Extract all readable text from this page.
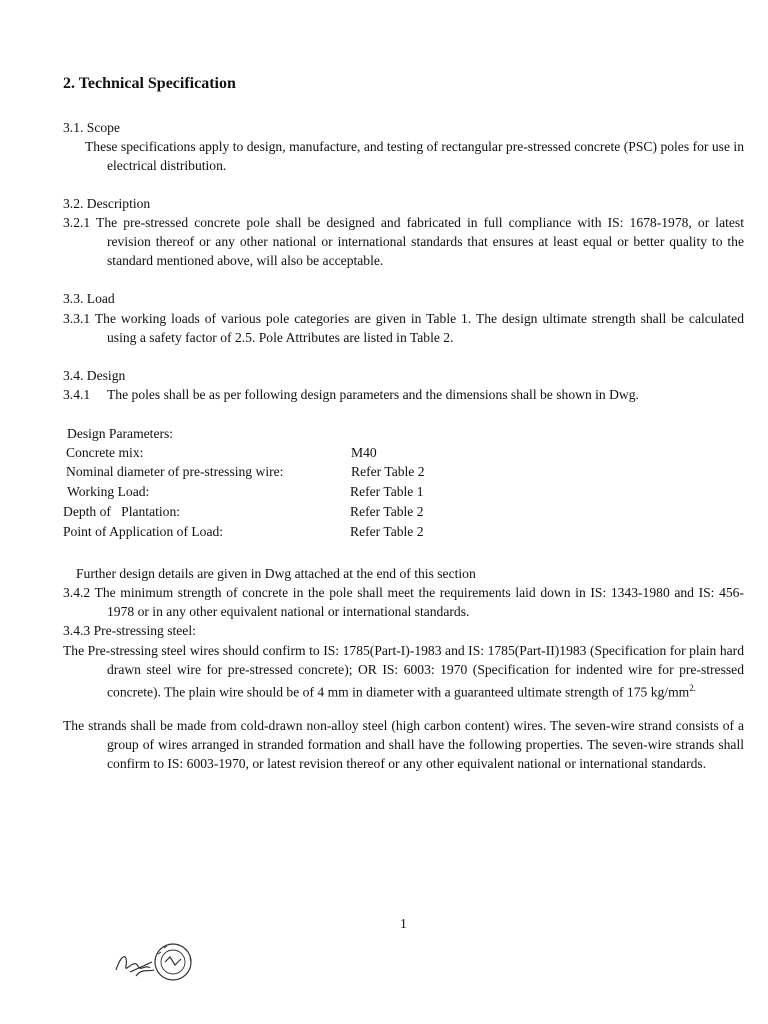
2. Technical Specification
3.1. Scope
These specifications apply to design, manufacture, and testing of rectangular pre-stressed concrete (PSC) poles for use in electrical distribution.
3.2. Description
3.2.1 The pre-stressed concrete pole shall be designed and fabricated in full compliance with IS: 1678-1978, or latest revision thereof or any other national or international standards that ensures at least equal or better quality to the standard mentioned above, will also be acceptable.
3.3. Load
3.3.1 The working loads of various pole categories are given in Table 1. The design ultimate strength shall be calculated using a safety factor of 2.5. Pole Attributes are listed in Table 2.
3.4. Design
3.4.1 The poles shall be as per following design parameters and the dimensions shall be shown in Dwg.
Design Parameters:
Concrete mix:	M40
Nominal diameter of pre-stressing wire:	Refer Table 2
Working Load:	Refer Table 1
Depth of   Plantation:	Refer Table 2
Point of Application of Load:	Refer Table 2
Further design details are given in Dwg attached at the end of this section
3.4.2 The minimum strength of concrete in the pole shall meet the requirements laid down in IS: 1343-1980 and IS: 456-1978 or in any other equivalent national or international standards.
3.4.3 Pre-stressing steel:
The Pre-stressing steel wires should confirm to IS: 1785(Part-I)-1983 and IS: 1785(Part-II)1983 (Specification for plain hard drawn steel wire for pre-stressed concrete); OR IS: 6003: 1970 (Specification for indented wire for pre-stressed concrete). The plain wire should be of 4 mm in diameter with a guaranteed ultimate strength of 175 $kg/mm^{2.}$
The strands shall be made from cold-drawn non-alloy steel (high carbon content) wires. The seven-wire strand consists of a group of wires arranged in stranded formation and shall have the following properties. The seven-wire strands shall confirm to IS: 6003-1970, or latest revision thereof or any other equivalent national or international standards.
1
